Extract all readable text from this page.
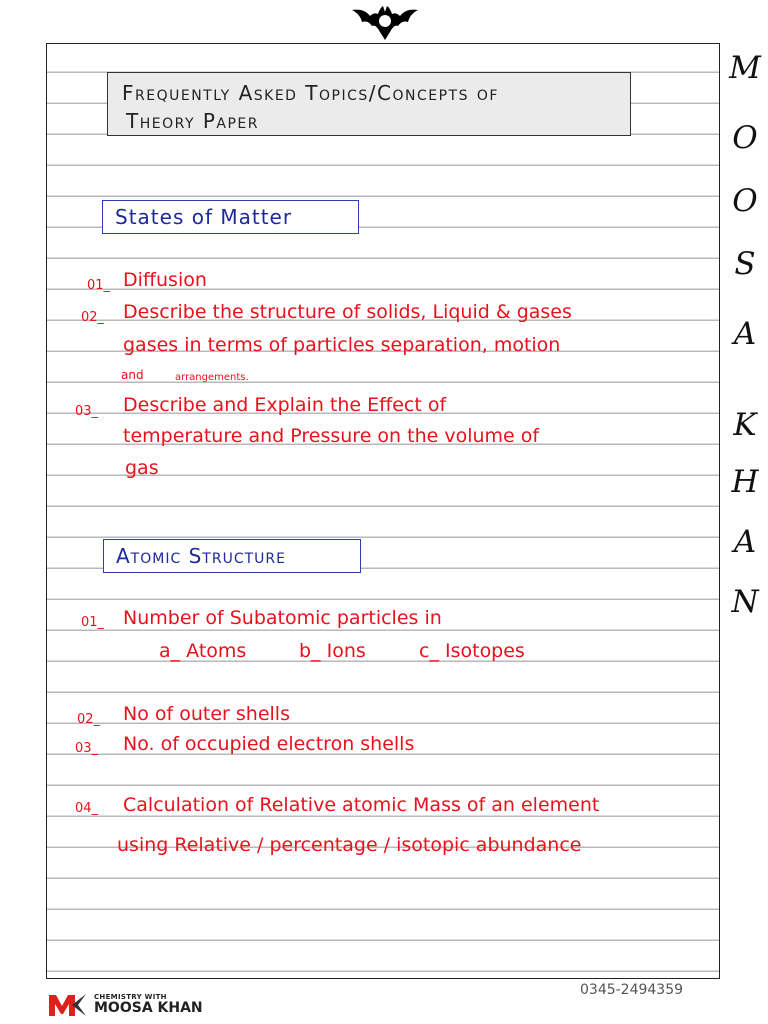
Frequently Asked Topics/Concepts of
Theory Paper
States of Matter
01_ Diffusion
02_ Describe the structure of solids, Liquid & gases
gases in terms of particles separation, motion
and	arrangements.
03_ Describe and Explain the Effect of
temperature and Pressure on the volume of
gas
Atomic Structure
01_ Number of Subatomic particles in
a_ Atoms	b_ Ions	c_ Isotopes
02_ No of outer shells
03_ No. of occupied electron shells
04_ Calculation of Relative atomic Mass of an element
using Relative / percentage / isotopic abundance
M
O
O
S
A
K
H
A
N
CHEMISTRY WITH
MOOSA KHAN
0345-2494359
